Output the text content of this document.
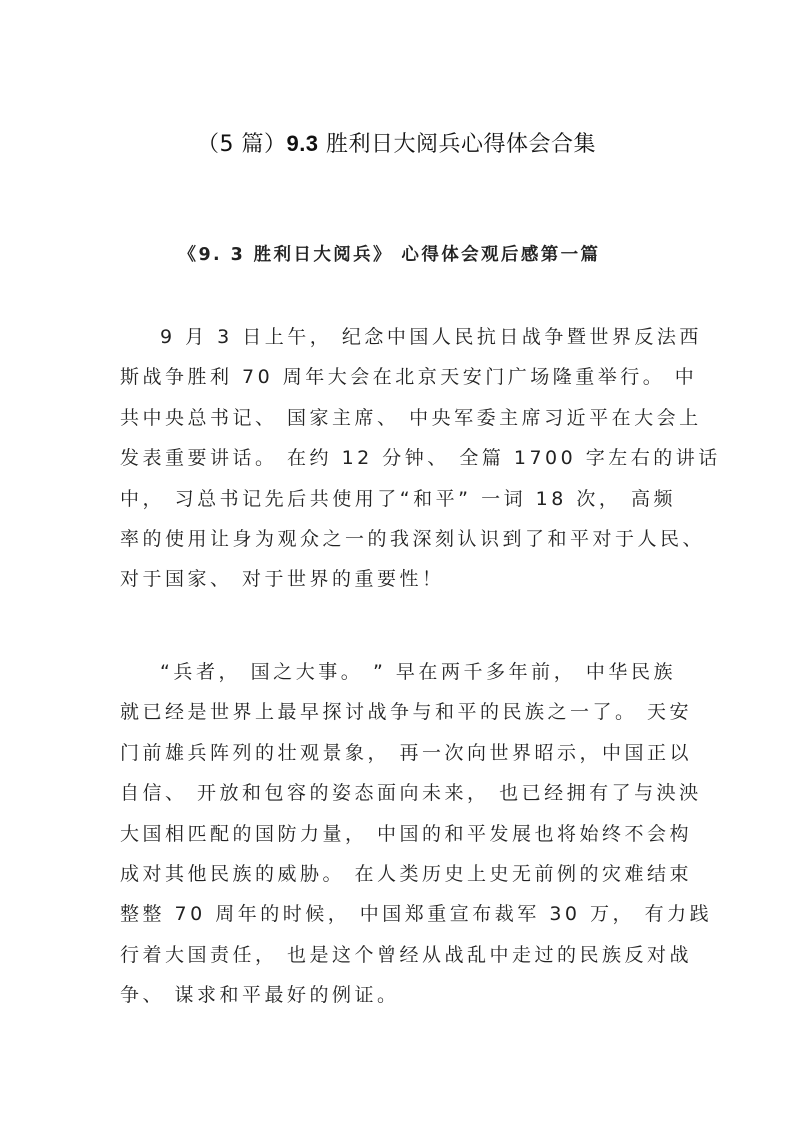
（5 篇）9.3 胜利日大阅兵心得体会合集
《9. 3 胜利日大阅兵》 心得体会观后感第一篇
9 月 3 日上午， 纪念中国人民抗日战争暨世界反法西
斯战争胜利 70 周年大会在北京天安门广场隆重举行。 中
共中央总书记、 国家主席、 中央军委主席习近平在大会上
发表重要讲话。 在约 12 分钟、 全篇 1700 字左右的讲话
中， 习总书记先后共使用了“和平” 一词 18 次， 高频
率的使用让身为观众之一的我深刻认识到了和平对于人民、
对于国家、 对于世界的重要性！
“兵者， 国之大事。 ” 早在两千多年前， 中华民族
就已经是世界上最早探讨战争与和平的民族之一了。 天安
门前雄兵阵列的壮观景象， 再一次向世界昭示，中国正以
自信、 开放和包容的姿态面向未来， 也已经拥有了与泱泱
大国相匹配的国防力量， 中国的和平发展也将始终不会构
成对其他民族的威胁。 在人类历史上史无前例的灾难结束
整整 70 周年的时候， 中国郑重宣布裁军 30 万， 有力践
行着大国责任， 也是这个曾经从战乱中走过的民族反对战
争、 谋求和平最好的例证。
